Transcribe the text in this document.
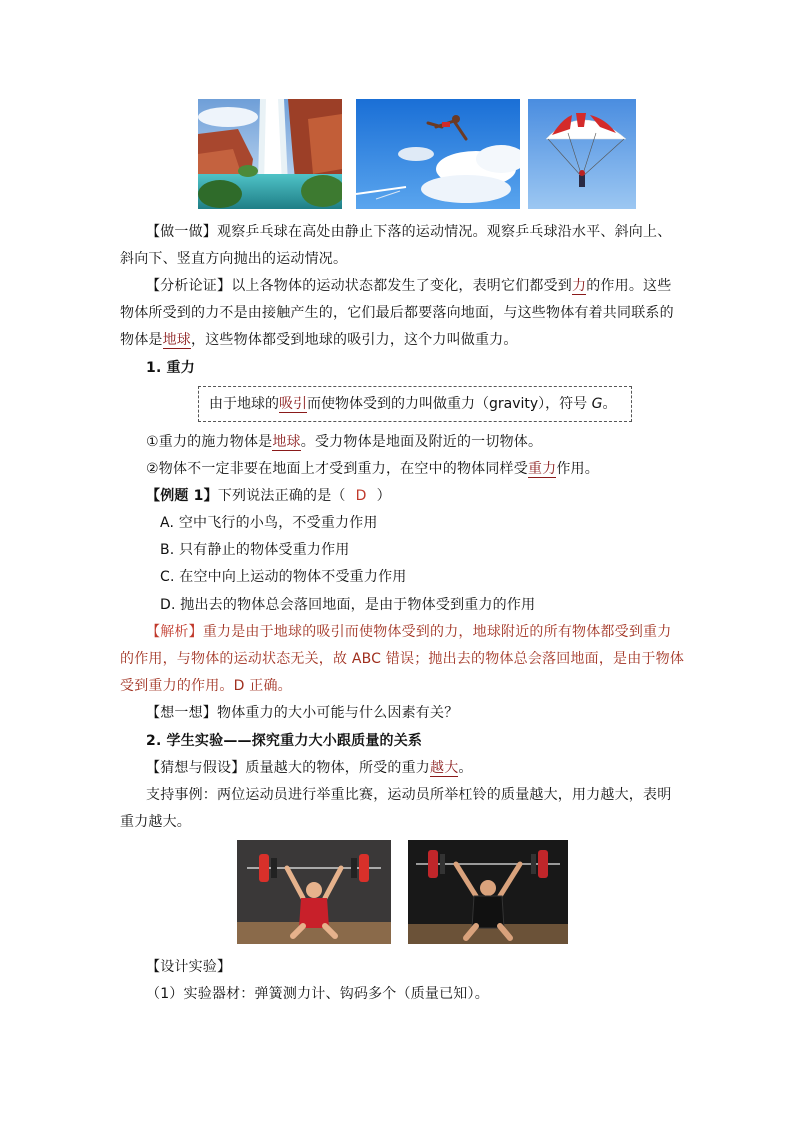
【做一做】观察乒乓球在高处由静止下落的运动情况。观察乒乓球沿水平、斜向上、
斜向下、竖直方向抛出的运动情况。
【分析论证】以上各物体的运动状态都发生了变化，表明它们都受到力的作用。这些
物体所受到的力不是由接触产生的，它们最后都要落向地面，与这些物体有着共同联系的
物体是地球，这些物体都受到地球的吸引力，这个力叫做重力。
1. 重力
由于地球的吸引而使物体受到的力叫做重力（gravity），符号 G。
①重力的施力物体是地球。受力物体是地面及附近的一切物体。
②物体不一定非要在地面上才受到重力，在空中的物体同样受重力作用。
【例题 1】下列说法正确的是（ D ）
A. 空中飞行的小鸟，不受重力作用
B. 只有静止的物体受重力作用
C. 在空中向上运动的物体不受重力作用
D. 抛出去的物体总会落回地面，是由于物体受到重力的作用
【解析】重力是由于地球的吸引而使物体受到的力，地球附近的所有物体都受到重力
的作用，与物体的运动状态无关，故 ABC 错误；抛出去的物体总会落回地面，是由于物体
受到重力的作用。D 正确。
【想一想】物体重力的大小可能与什么因素有关？
2. 学生实验——探究重力大小跟质量的关系
【猜想与假设】质量越大的物体，所受的重力越大。
支持事例：两位运动员进行举重比赛，运动员所举杠铃的质量越大，用力越大，表明
重力越大。
【设计实验】
（1）实验器材：弹簧测力计、钩码多个（质量已知）。
